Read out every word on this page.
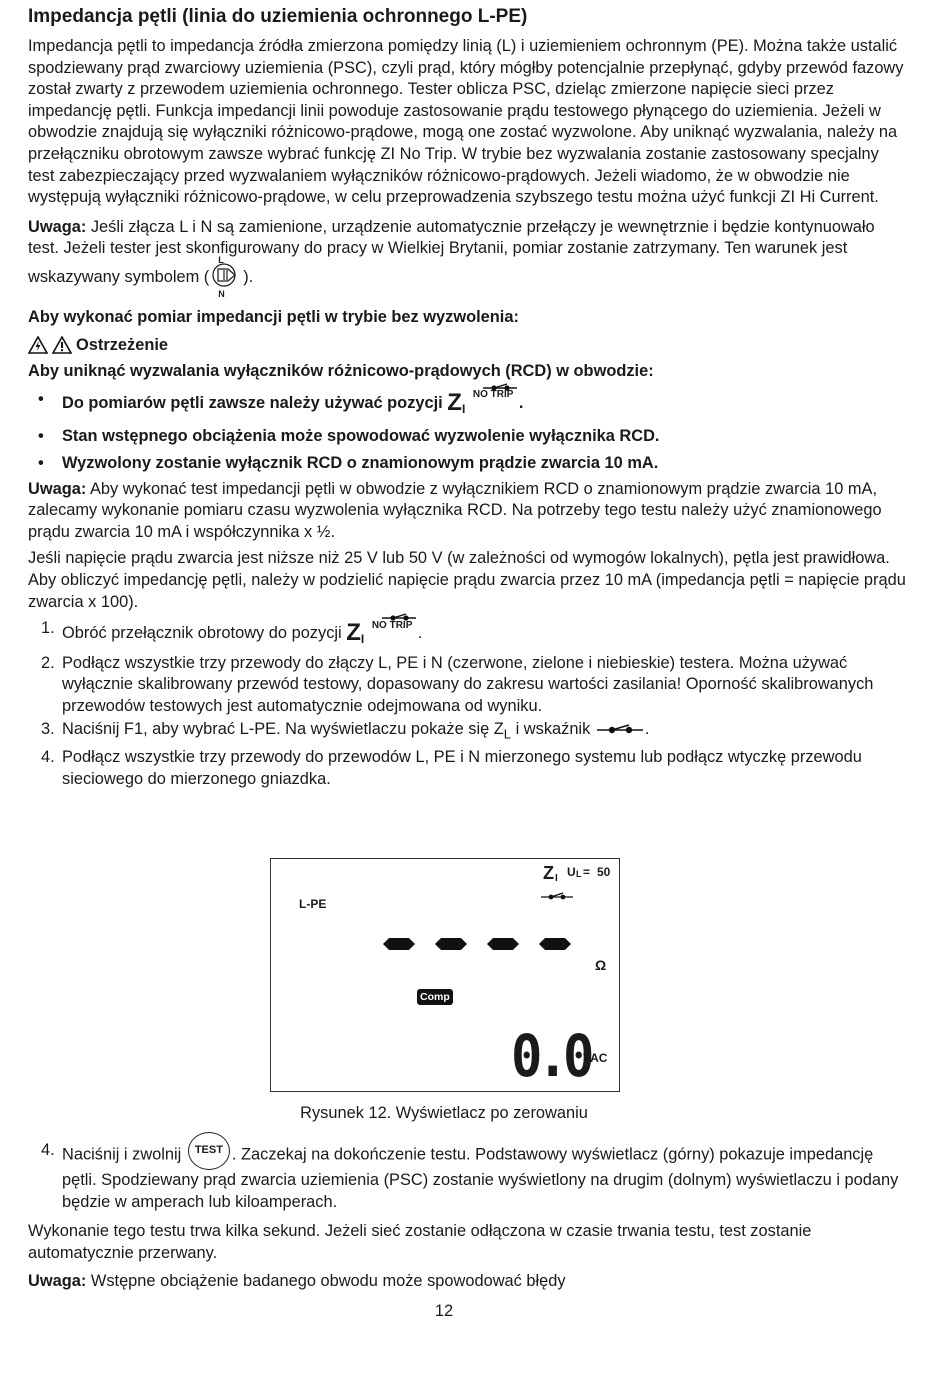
Impedancja pętli (linia do uziemienia ochronnego L-PE)

Impedancja pętli to impedancja źródła zmierzona pomiędzy linią (L) i uziemieniem ochronnym (PE). Można także ustalić spodziewany prąd zwarciowy uziemienia (PSC), czyli prąd, który mógłby potencjalnie przepłynąć, gdyby przewód fazowy został zwarty z przewodem uziemienia ochronnego. Tester oblicza PSC, dzieląc zmierzone napięcie sieci przez impedancję pętli. Funkcja impedancji linii powoduje zastosowanie prądu testowego płynącego do uziemienia. Jeżeli w obwodzie znajdują się wyłączniki różnicowo-prądowe, mogą one zostać wyzwolone. Aby uniknąć wyzwalania, należy na przełączniku obrotowym zawsze wybrać funkcję ZI No Trip. W trybie bez wyzwalania zostanie zastosowany specjalny test zabezpieczający przed wyzwalaniem wyłączników różnicowo-prądowych. Jeżeli wiadomo, że w obwodzie nie występują wyłączniki różnicowo-prądowe, w celu przeprowadzenia szybszego testu można użyć funkcji ZI Hi Current.

Uwaga: Jeśli złącza L i N są zamienione, urządzenie automatycznie przełączy je wewnętrznie i będzie kontynuowało test. Jeżeli tester jest skonfigurowany do pracy w Wielkiej Brytanii, pomiar zostanie zatrzymany. Ten warunek jest wskazywany symbolem (
L
N
).

Aby wykonać pomiar impedancji pętli w trybie bez wyzwolenia:
Ostrzeżenie

Aby uniknąć wyzwalania wyłączników różnicowo-prądowych (RCD) w obwodzie:

• Do pomiarów pętli zawsze należy używać pozycji $Z_I$
NO TRIP .
• Stan wstępnego obciążenia może spowodować wyzwolenie wyłącznika RCD.
• Wyzwolony zostanie wyłącznik RCD o znamionowym prądzie zwarcia 10 mA.

Uwaga: Aby wykonać test impedancji pętli w obwodzie z wyłącznikiem RCD o znamionowym prądzie zwarcia 10 mA, zalecamy wykonanie pomiaru czasu wyzwolenia wyłącznika RCD. Na potrzeby tego testu należy użyć znamionowego prądu zwarcia 10 mA i współczynnika x ½.

Jeśli napięcie prądu zwarcia jest niższe niż 25 V lub 50 V (w zależności od wymogów lokalnych), pętla jest prawidłowa. Aby obliczyć impedancję pętli, należy w podzielić napięcie prądu zwarcia przez 10 mA (impedancja pętli = napięcie prądu zwarcia x 100).

1. Obróć przełącznik obrotowy do pozycji $Z_I$
NO TRIP .
2. Podłącz wszystkie trzy przewody do złączy L, PE i N (czerwone, zielone i niebieskie) testera. Można używać wyłącznie skalibrowany przewód testowy, dopasowany do zakresu wartości zasilania! Oporność skalibrowanych przewodów testowych jest automatycznie odejmowana od wyniku.
3. Naciśnij F1, aby wybrać L-PE. Na wyświetlaczu pokaże się $Z_L$ i wskaźnik	.
4. Podłącz wszystkie trzy przewody do przewodów L, PE i N mierzonego systemu lub podłącz wtyczkę przewodu sieciowego do mierzonego gniazdka.
Z I U L = 50
L-PE
Ω
Comp
0.0
VAC
Rysunek 12. Wyświetlacz po zerowaniu
4. Naciśnij i zwolnij TEST . Zaczekaj na dokończenie testu. Podstawowy wyświetlacz (górny) pokazuje impedancję pętli. Spodziewany prąd zwarcia uziemienia (PSC) zostanie wyświetlony na drugim (dolnym) wyświetlaczu i podany będzie w amperach lub kiloamperach.

Wykonanie tego testu trwa kilka sekund. Jeżeli sieć zostanie odłączona w czasie trwania testu, test zostanie automatycznie przerwany.

Uwaga: Wstępne obciążenie badanego obwodu może spowodować błędy

12
